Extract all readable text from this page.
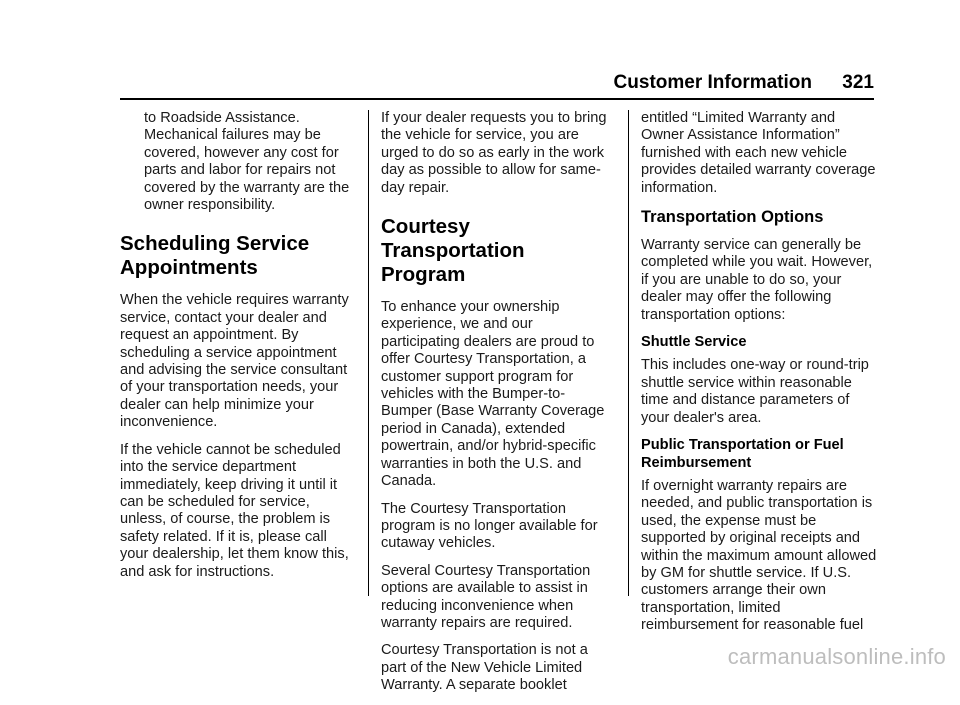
Customer Information 321

to Roadside Assistance. Mechanical failures may be covered, however any cost for parts and labor for repairs not covered by the warranty are the owner responsibility.

Scheduling Service
Appointments

When the vehicle requires warranty service, contact your dealer and request an appointment. By scheduling a service appointment and advising the service consultant of your transportation needs, your dealer can help minimize your inconvenience.

If the vehicle cannot be scheduled into the service department immediately, keep driving it until it can be scheduled for service, unless, of course, the problem is safety related. If it is, please call your dealership, let them know this, and ask for instructions.

If your dealer requests you to bring the vehicle for service, you are urged to do so as early in the work day as possible to allow for same-day repair.

Courtesy Transportation
Program

To enhance your ownership experience, we and our participating dealers are proud to offer Courtesy Transportation, a customer support program for vehicles with the Bumper-to-Bumper (Base Warranty Coverage period in Canada), extended powertrain, and/or hybrid-specific warranties in both the U.S. and Canada.

The Courtesy Transportation program is no longer available for cutaway vehicles.

Several Courtesy Transportation options are available to assist in reducing inconvenience when warranty repairs are required.

Courtesy Transportation is not a part of the New Vehicle Limited Warranty. A separate booklet

entitled “Limited Warranty and Owner Assistance Information” furnished with each new vehicle provides detailed warranty coverage information.

Transportation Options

Warranty service can generally be completed while you wait. However, if you are unable to do so, your dealer may offer the following transportation options:

Shuttle Service

This includes one-way or round-trip shuttle service within reasonable time and distance parameters of your dealer's area.

Public Transportation or Fuel Reimbursement

If overnight warranty repairs are needed, and public transportation is used, the expense must be supported by original receipts and within the maximum amount allowed by GM for shuttle service. If U.S. customers arrange their own transportation, limited reimbursement for reasonable fuel

carmanualsonline.info
